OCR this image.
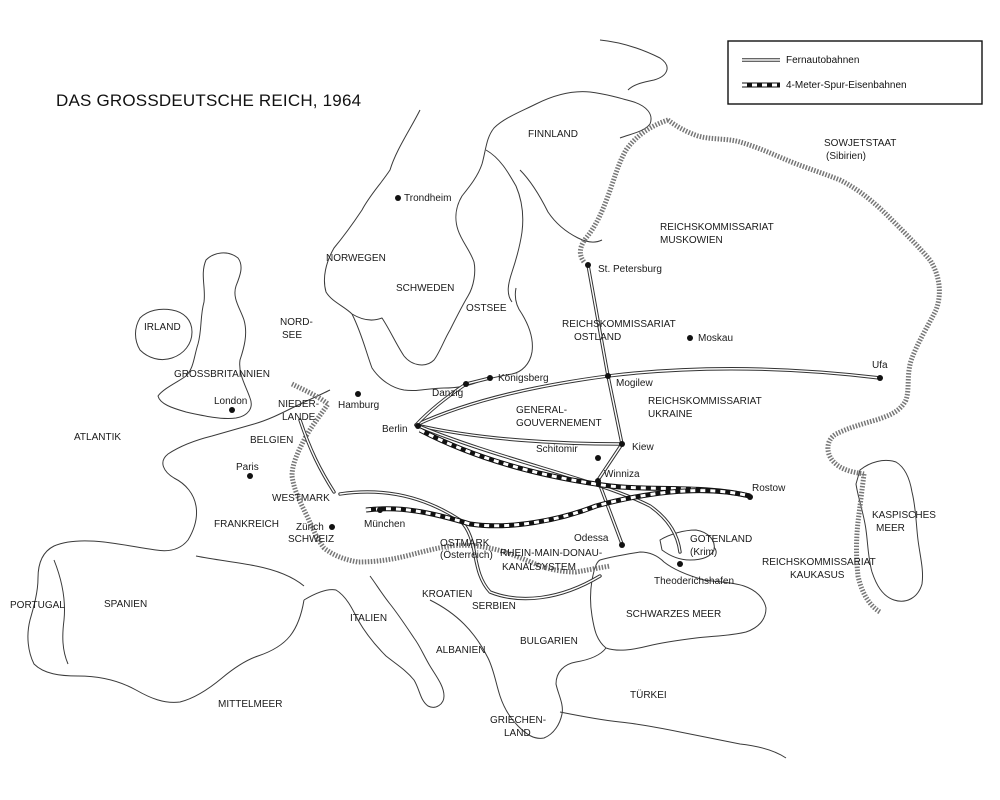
Trondheim
St. Petersburg
Moskau
Ufa
Danzig
Königsberg	Mogilew
London	Hamburg
Berlin
Kiew
Schitomir
Winniza
Paris
Rostow
Zürich	München
Odessa
Theoderichshafen
FINNLAND
SOWJETSTAAT
(Sibirien)
REICHSKOMMISSARIAT
MUSKOWIEN
NORWEGEN
SCHWEDEN
OSTSEE
REICHSKOMMISSARIAT
OSTLAND
IRLAND	NORD-
SEE
GROSSBRITANNIEN
NIEDER-
LANDE
BELGIEN
ATLANTIK
GENERAL-
GOUVERNEMENT
REICHSKOMMISSARIAT
UKRAINE
WESTMARK
FRANKREICH
SCHWEIZ	OSTMARK
(Österreich) RHEIN-MAIN-DONAU-
KANALSYSTEM
GOTENLAND
(Krim)
KASPISCHES
MEER
REICHSKOMMISSARIAT
KAUKASUS
PORTUGAL	SPANIEN
ITALIEN
KROATIEN
SERBIEN
SCHWARZES MEER
ALBANIEN
BULGARIEN
MITTELMEER
TÜRKEI
GRIECHEN-
LAND
DAS GROSSDEUTSCHE REICH, 1964
Fernautobahnen
4-Meter-Spur-Eisenbahnen
